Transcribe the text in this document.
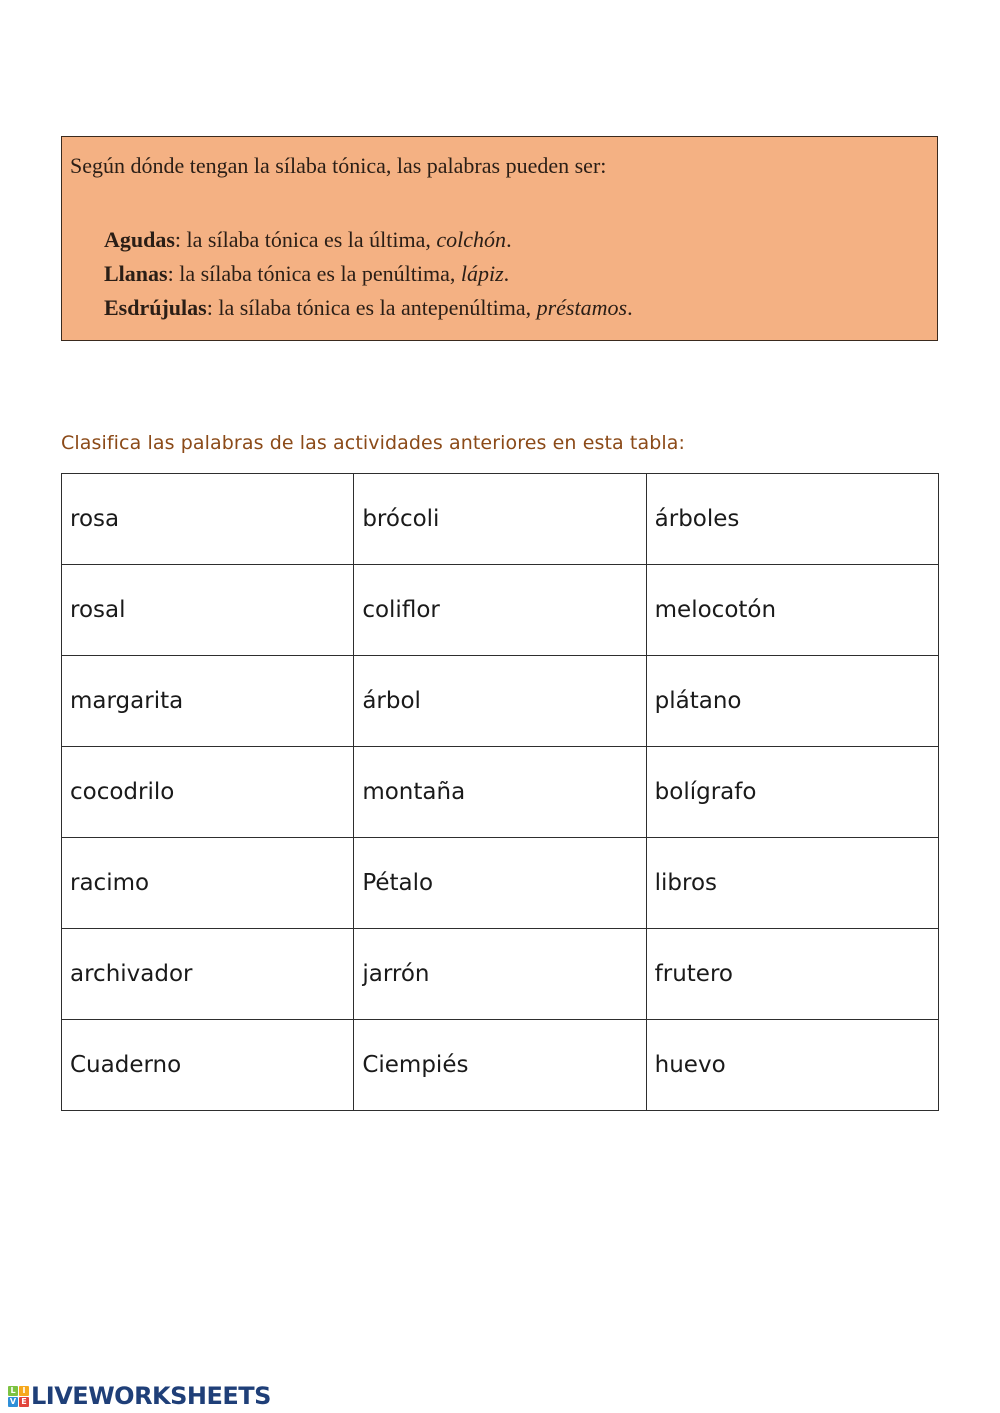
Según dónde tengan la sílaba tónica, las palabras pueden ser:
Agudas: la sílaba tónica es la última, colchón.
Llanas: la sílaba tónica es la penúltima, lápiz.
Esdrújulas: la sílaba tónica es la antepenúltima, préstamos.
Clasifica las palabras de las actividades anteriores en esta tabla:
rosa	brócoli	árboles
rosal	coliflor	melocotón
margarita	árbol	plátano
cocodrilo	montaña	bolígrafo
racimo	Pétalo	libros
archivador	jarrón	frutero
Cuaderno	Ciempiés	huevo
L I
V E LIVEWORKSHEETS
